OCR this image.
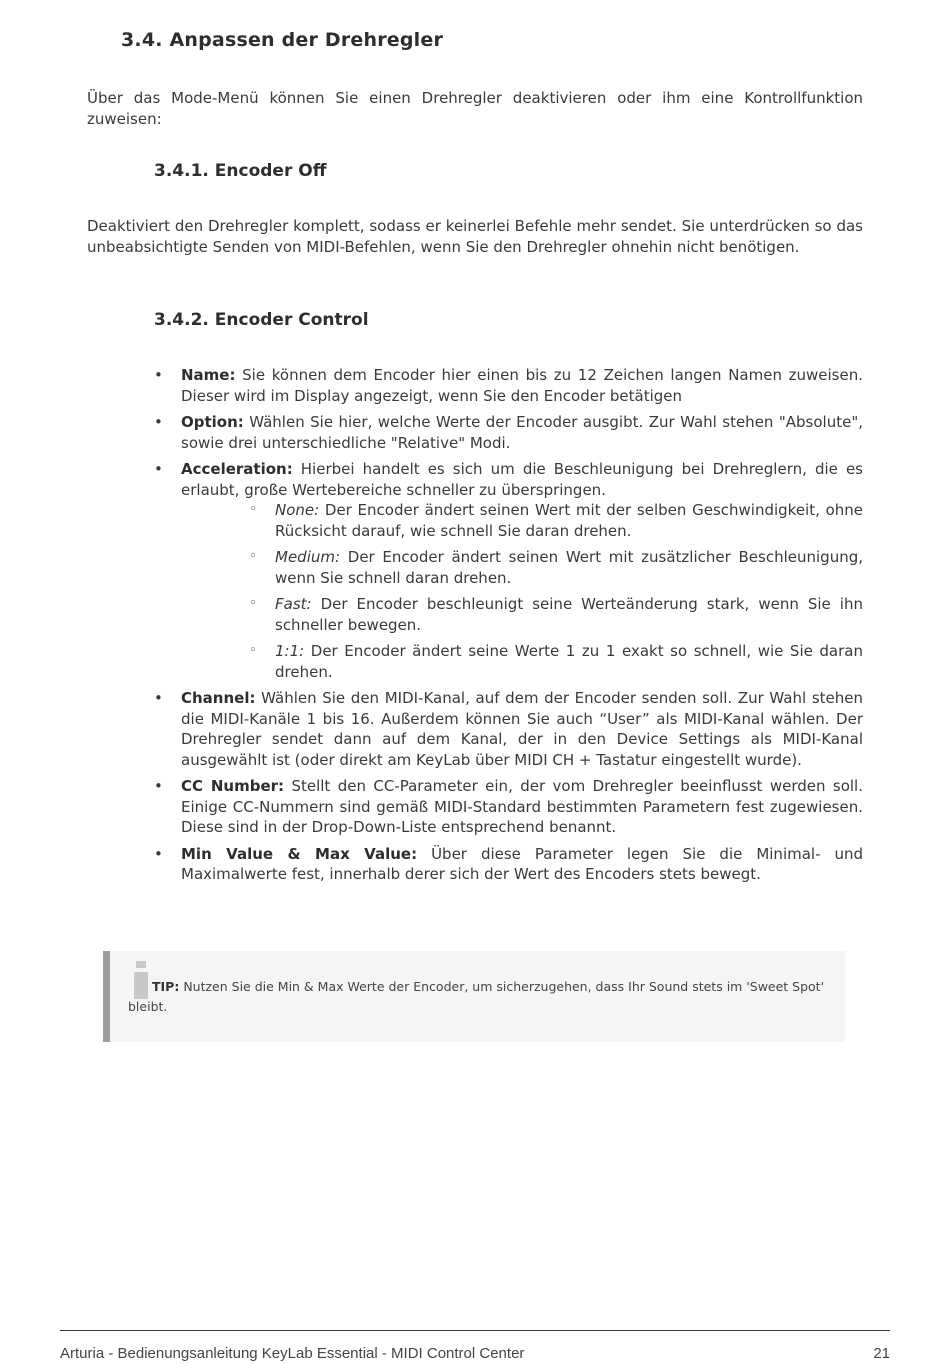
3.4. Anpassen der Drehregler

Über das Mode-Menü können Sie einen Drehregler deaktivieren oder ihm eine Kontrollfunktion zuweisen:

3.4.1. Encoder Off

Deaktiviert den Drehregler komplett, sodass er keinerlei Befehle mehr sendet. Sie unterdrücken so das unbeabsichtigte Senden von MIDI-Befehlen, wenn Sie den Drehregler ohnehin nicht benötigen.

3.4.2. Encoder Control
• Name: Sie können dem Encoder hier einen bis zu 12 Zeichen langen Namen zuweisen. Dieser wird im Display angezeigt, wenn Sie den Encoder betätigen
• Option: Wählen Sie hier, welche Werte der Encoder ausgibt. Zur Wahl stehen "Absolute", sowie drei unterschiedliche "Relative" Modi.
• Acceleration: Hierbei handelt es sich um die Beschleunigung bei Drehreglern, die es erlaubt, große Wertebereiche schneller zu überspringen.
◦ None: Der Encoder ändert seinen Wert mit der selben Geschwindigkeit, ohne Rücksicht darauf, wie schnell Sie daran drehen.
◦ Medium: Der Encoder ändert seinen Wert mit zusätzlicher Beschleunigung, wenn Sie schnell daran drehen.
◦ Fast: Der Encoder beschleunigt seine Werteänderung stark, wenn Sie ihn schneller bewegen.
◦ 1:1: Der Encoder ändert seine Werte 1 zu 1 exakt so schnell, wie Sie daran drehen.
• Channel: Wählen Sie den MIDI-Kanal, auf dem der Encoder senden soll. Zur Wahl stehen die MIDI-Kanäle 1 bis 16. Außerdem können Sie auch “User” als MIDI-Kanal wählen. Der Drehregler sendet dann auf dem Kanal, der in den Device Settings als MIDI-Kanal ausgewählt ist (oder direkt am KeyLab über MIDI CH + Tastatur eingestellt wurde).
• CC Number: Stellt den CC-Parameter ein, der vom Drehregler beeinflusst werden soll. Einige CC-Nummern sind gemäß MIDI-Standard bestimmten Parametern fest zugewiesen. Diese sind in der Drop-Down-Liste entsprechend benannt.
• Min Value & Max Value: Über diese Parameter legen Sie die Minimal- und Maximalwerte fest, innerhalb derer sich der Wert des Encoders stets bewegt.

TIP: Nutzen Sie die Min & Max Werte der Encoder, um sicherzugehen, dass Ihr Sound stets im 'Sweet Spot' bleibt.

Arturia - Bedienungsanleitung KeyLab Essential - MIDI Control Center	21
